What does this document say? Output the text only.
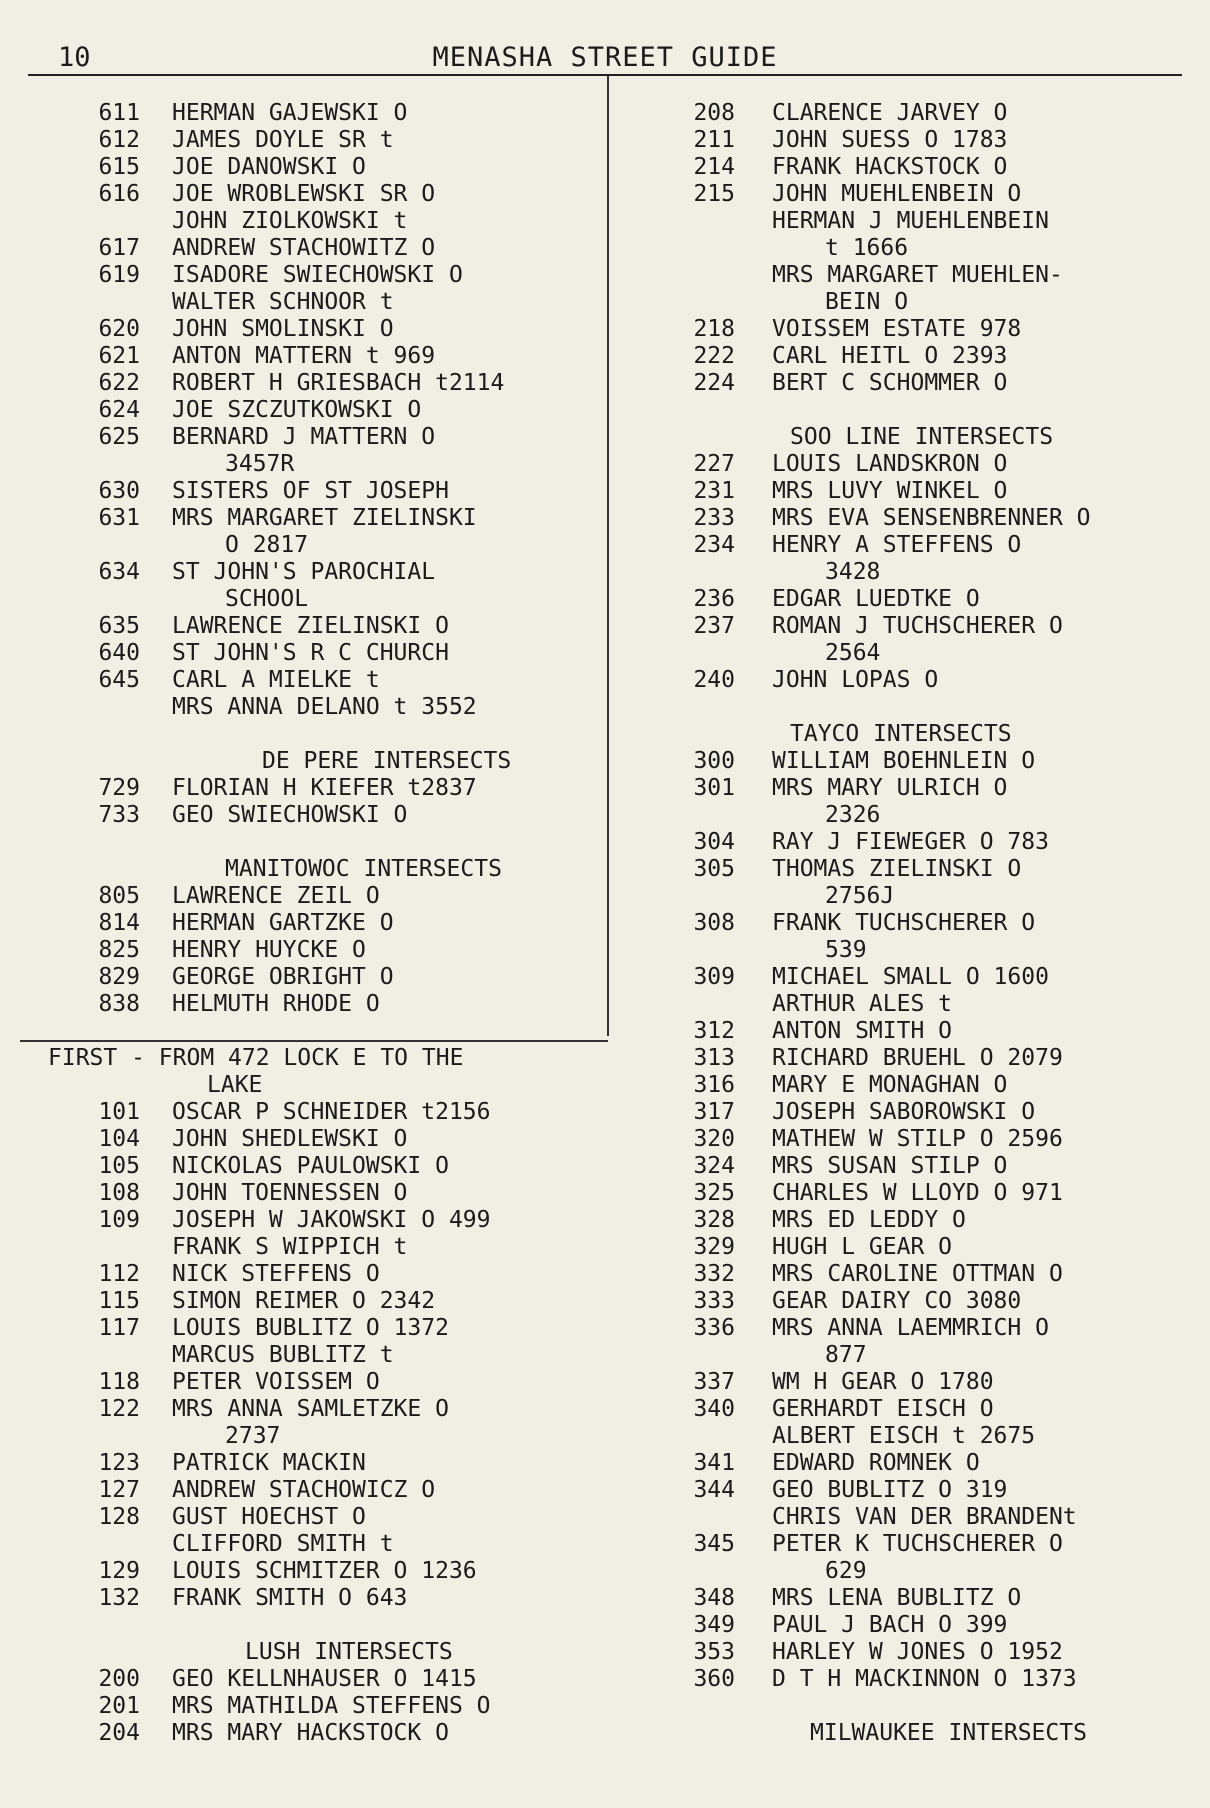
10	MENASHA STREET GUIDE
611 HERMAN GAJEWSKI O
612 JAMES DOYLE SR t
615 JOE DANOWSKI O
616 JOE WROBLEWSKI SR O
JOHN ZIOLKOWSKI t
617 ANDREW STACHOWITZ O
619 ISADORE SWIECHOWSKI O
WALTER SCHNOOR t
620 JOHN SMOLINSKI O
621 ANTON MATTERN t 969
622 ROBERT H GRIESBACH t2114
624 JOE SZCZUTKOWSKI O
625 BERNARD J MATTERN O
3457R
630 SISTERS OF ST JOSEPH
631 MRS MARGARET ZIELINSKI
O 2817
634 ST JOHN'S PAROCHIAL
SCHOOL
635 LAWRENCE ZIELINSKI O
640 ST JOHN'S R C CHURCH
645 CARL A MIELKE t
MRS ANNA DELANO t 3552
DE PERE INTERSECTS
729 FLORIAN H KIEFER t2837
733 GEO SWIECHOWSKI O
MANITOWOC INTERSECTS
805 LAWRENCE ZEIL O
814 HERMAN GARTZKE O
825 HENRY HUYCKE O
829 GEORGE OBRIGHT O
838 HELMUTH RHODE O
FIRST - FROM 472 LOCK E TO THE
LAKE
101 OSCAR P SCHNEIDER t2156
104 JOHN SHEDLEWSKI O
105 NICKOLAS PAULOWSKI O
108 JOHN TOENNESSEN O
109 JOSEPH W JAKOWSKI O 499
FRANK S WIPPICH t
112 NICK STEFFENS O
115 SIMON REIMER O 2342
117 LOUIS BUBLITZ O 1372
MARCUS BUBLITZ t
118 PETER VOISSEM O
122 MRS ANNA SAMLETZKE O
2737
123 PATRICK MACKIN
127 ANDREW STACHOWICZ O
128 GUST HOECHST O
CLIFFORD SMITH t
129 LOUIS SCHMITZER O 1236
132 FRANK SMITH O 643
LUSH INTERSECTS
200 GEO KELLNHAUSER O 1415
201 MRS MATHILDA STEFFENS O
204 MRS MARY HACKSTOCK O
208 CLARENCE JARVEY O
211 JOHN SUESS O 1783
214 FRANK HACKSTOCK O
215 JOHN MUEHLENBEIN O
HERMAN J MUEHLENBEIN
t 1666
MRS MARGARET MUEHLEN-
BEIN O
218 VOISSEM ESTATE 978
222 CARL HEITL O 2393
224 BERT C SCHOMMER O
SOO LINE INTERSECTS
227 LOUIS LANDSKRON O
231 MRS LUVY WINKEL O
233 MRS EVA SENSENBRENNER O
234 HENRY A STEFFENS O
3428
236 EDGAR LUEDTKE O
237 ROMAN J TUCHSCHERER O
2564
240 JOHN LOPAS O
TAYCO INTERSECTS
300 WILLIAM BOEHNLEIN O
301 MRS MARY ULRICH O
2326
304 RAY J FIEWEGER O 783
305 THOMAS ZIELINSKI O
2756J
308 FRANK TUCHSCHERER O
539
309 MICHAEL SMALL O 1600
ARTHUR ALES t
312 ANTON SMITH O
313 RICHARD BRUEHL O 2079
316 MARY E MONAGHAN O
317 JOSEPH SABOROWSKI O
320 MATHEW W STILP O 2596
324 MRS SUSAN STILP O
325 CHARLES W LLOYD O 971
328 MRS ED LEDDY O
329 HUGH L GEAR O
332 MRS CAROLINE OTTMAN O
333 GEAR DAIRY CO 3080
336 MRS ANNA LAEMMRICH O
877
337 WM H GEAR O 1780
340 GERHARDT EISCH O
ALBERT EISCH t 2675
341 EDWARD ROMNEK O
344 GEO BUBLITZ O 319
CHRIS VAN DER BRANDENt
345 PETER K TUCHSCHERER O
629
348 MRS LENA BUBLITZ O
349 PAUL J BACH O 399
353 HARLEY W JONES O 1952
360 D T H MACKINNON O 1373
MILWAUKEE INTERSECTS
